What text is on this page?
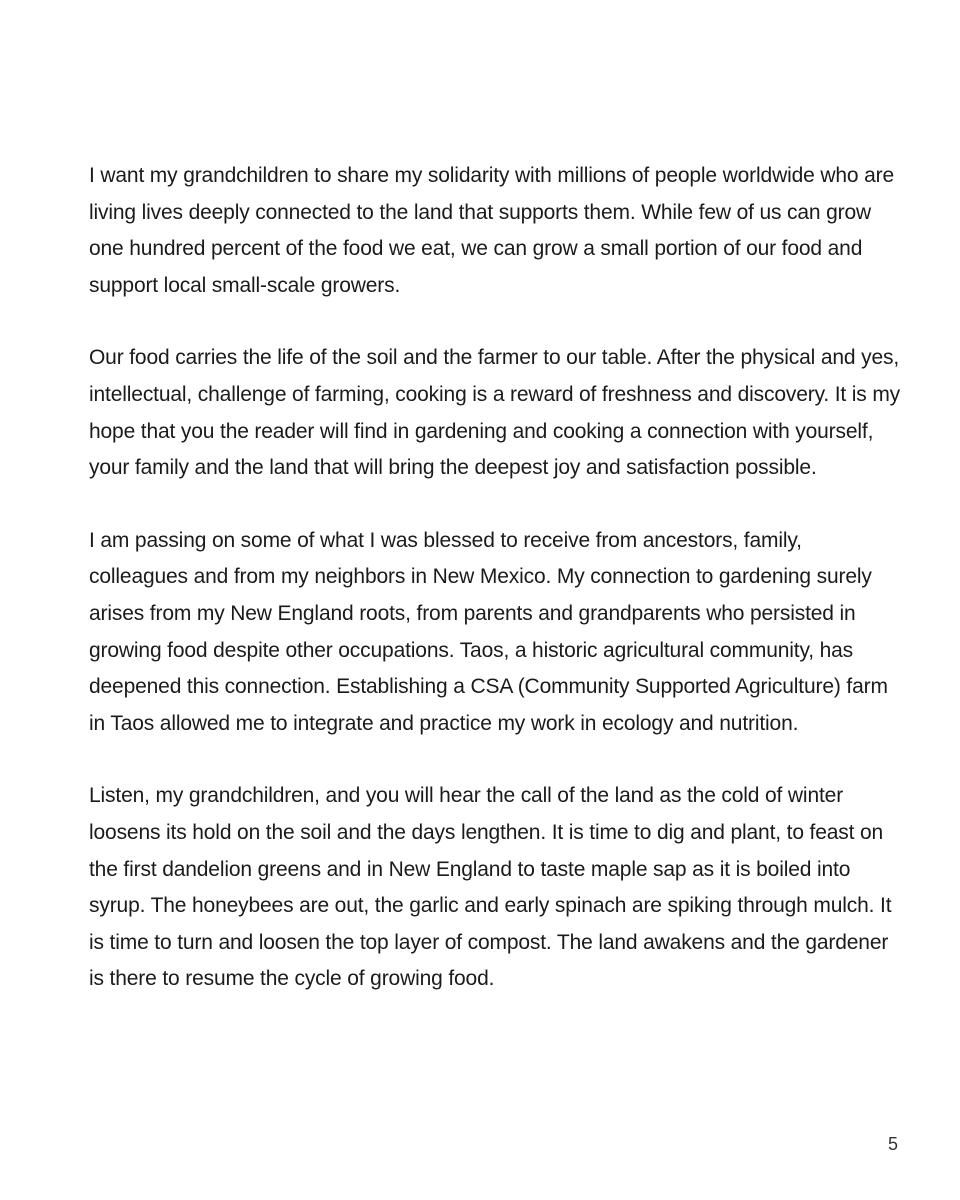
I want my grandchildren to share my solidarity with millions of people worldwide who are living lives deeply connected to the land that supports them. While few of us can grow one hundred percent of the food we eat, we can grow a small portion of our food and support local small-scale growers.

Our food carries the life of the soil and the farmer to our table. After the physical and yes, intellectual, challenge of farming, cooking is a reward of freshness and discovery. It is my hope that you the reader will find in gardening and cooking a connection with yourself, your family and the land that will bring the deepest joy and satisfaction possible.

I am passing on some of what I was blessed to receive from ancestors, family, colleagues and from my neighbors in New Mexico. My connection to gardening surely arises from my New England roots, from parents and grandparents who persisted in growing food despite other occupations. Taos, a historic agricultural community, has deepened this connection. Establishing a CSA (Community Supported Agriculture) farm in Taos allowed me to integrate and practice my work in ecology and nutrition.

Listen, my grandchildren, and you will hear the call of the land as the cold of winter loosens its hold on the soil and the days lengthen. It is time to dig and plant, to feast on the first dandelion greens and in New England to taste maple sap as it is boiled into syrup. The honeybees are out, the garlic and early spinach are spiking through mulch. It is time to turn and loosen the top layer of compost. The land awakens and the gardener is there to resume the cycle of growing food.

5
